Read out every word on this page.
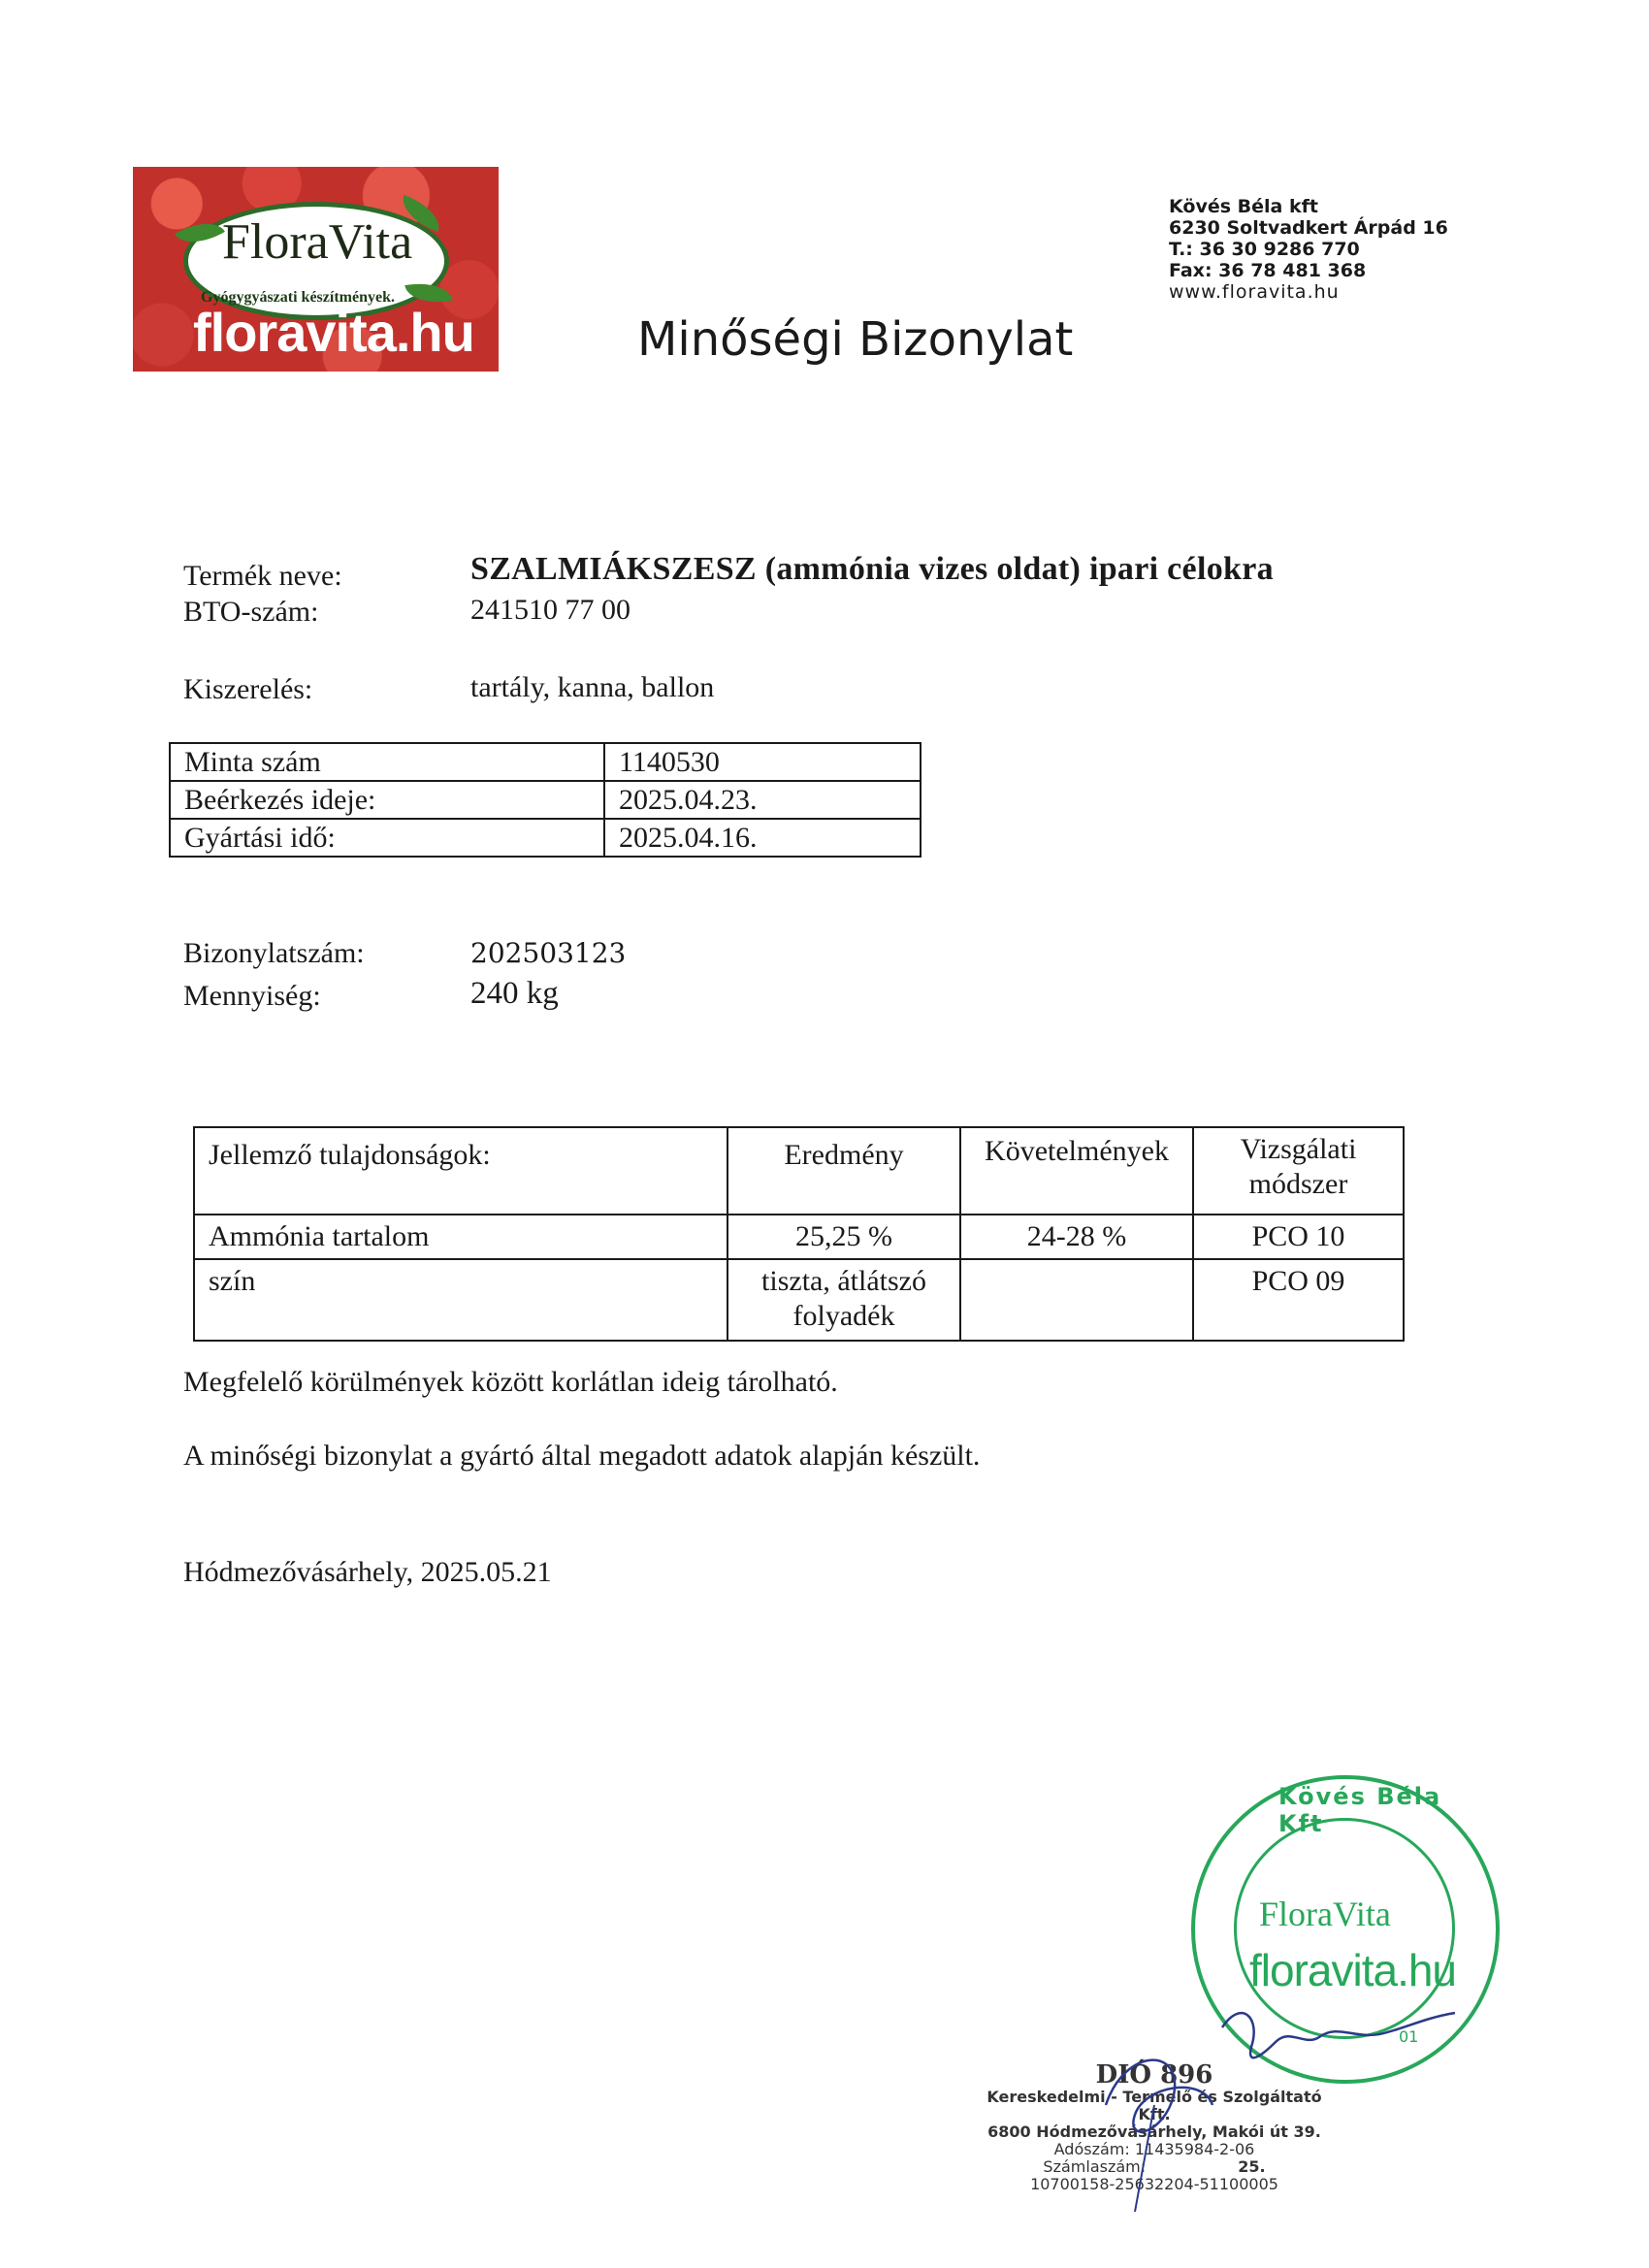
FloraVita
Gyógygyászati készítmények.
floravita.hu
Kövés Béla kft
6230 Soltvadkert Árpád 16
T.: 36 30 9286 770
Fax: 36 78 481 368
www.floravita.hu
Minőségi Bizonylat
Termék neve:	SZALMIÁKSZESZ (ammónia vizes oldat) ipari célokra
BTO-szám:	241510 77 00
Kiszerelés:	tartály, kanna, ballon
Minta szám	1140530
Beérkezés ideje:	2025.04.23.
Gyártási idő:	2025.04.16.
Bizonylatszám:	202503123
Mennyiség:	240 kg
Jellemző tulajdonságok:	Eredmény	Követelmények	Vizsgálati módszer
Ammónia tartalom	25,25 %	24-28 %	PCO 10
szín	tiszta, átlátszó folyadék		PCO 09
Megfelelő körülmények között korlátlan ideig tárolható.
A minőségi bizonylat a gyártó által megadott adatok alapján készült.
Hódmezővásárhely, 2025.05.21
Kövés Béla Kft
FloraVita
floravita.hu
01
DIÓ 896
Kereskedelmi - Termelő és Szolgáltató Kft.
6800 Hódmezővásárhely, Makói út 39.
Adószám: 11435984-2-06
Számlaszám:	25.
10700158-25632204-51100005
